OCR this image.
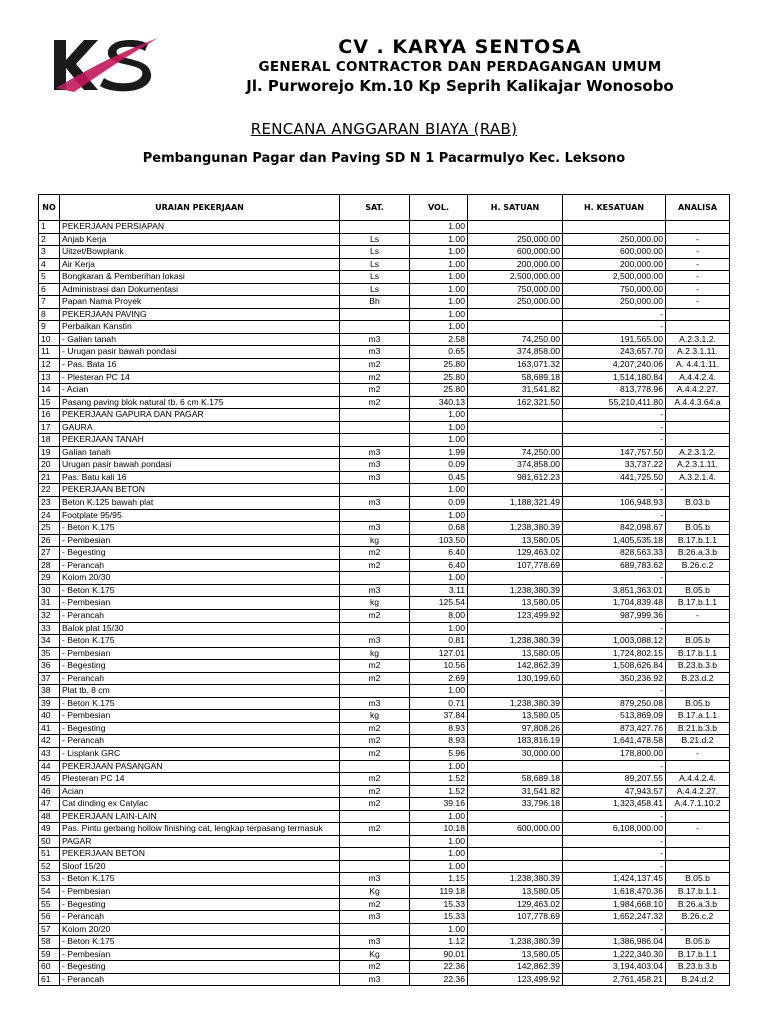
CV . KARYA SENTOSA
GENERAL CONTRACTOR DAN PERDAGANGAN UMUM
Jl. Purworejo Km.10 Kp Seprih Kalikajar Wonosobo
RENCANA ANGGARAN BIAYA (RAB)
Pembangunan Pagar dan Paving SD N 1 Pacarmulyo Kec. Leksono
NO	URAIAN PEKERJAAN	SAT.	VOL.	H. SATUAN	H. KESATUAN	ANALISA
1	PEKERJAAN PERSIAPAN		1.00			
2	Anjab Kerja	Ls	1.00	250,000.00	250,000.00	-
3	Uitzet/Bowplank	Ls	1.00	600,000.00	600,000.00	-
4	Air Kerja	Ls	1.00	200,000.00	200,000.00	-
5	Bongkaran & Pemberihan lokasi	Ls	1.00	2,500,000.00	2,500,000.00	-
6	Administrasi dan Dokumentasi	Ls	1.00	750,000.00	750,000.00	-
7	Papan Nama Proyek	Bh	1.00	250,000.00	250,000.00	-
8	PEKERJAAN PAVING		1.00		-	
9	Perbaikan Kanstin		1.00		-	
10	- Galian tanah	m3	2.58	74,250.00	191,565.00	A.2.3.1.2.
11	- Urugan pasir bawah pondasi	m3	0.65	374,858.00	243,657.70	A.2.3.1.11.
12	- Pas. Bata 16	m2	25.80	163,071.32	4,207,240.06	A. 4.4.1.11.
13	- Plesteran PC 14	m2	25.80	58,689.18	1,514,180.84	A.4.4.2.4.
14	- Acian	m2	25.80	31,541.82	813,778.96	A.4.4.2.27.
15	Pasang paving blok natural tb. 6 cm K.175	m2	340.13	162,321.50	55,210,411.80	A.4.4.3.64.a
16	PEKERJAAN GAPURA DAN PAGAR		1.00		-	
17	GAURA		1.00		-	
18	PEKERJAAN TANAH		1.00		-	
19	Galian tanah	m3	1.99	74,250.00	147,757.50	A.2.3.1.2.
20	Urugan pasir bawah pondasi	m3	0.09	374,858.00	33,737.22	A.2.3.1.11.
21	Pas. Batu kali 16	m3	0.45	981,612.23	441,725.50	A.3.2.1.4.
22	PEKERJAAN BETON		1.00		-	
23	Beton K.125 bawah plat	m3	0.09	1,188,321.49	106,948.93	B.03.b
24	Footplate 95/95		1.00		-	
25	- Beton K.175	m3	0.68	1,238,380.39	842,098.67	B.05.b
26	- Pembesian	kg	103.50	13,580.05	1,405,535.18	B.17.b.1.1
27	- Begesting	m2	6.40	129,463.02	828,563.33	B.26.a.3.b
28	- Perancah	m2	6.40	107,778.69	689,783.62	B.26.c.2
29	Kolom 20/30		1.00		-	
30	- Beton K.175	m3	3.11	1,238,380.39	3,851,363.01	B.05.b
31	- Pembesian	kg	125.54	13,580.05	1,704,839.48	B.17.b.1.1
32	- Perancah	m2	8.00	123,499.92	987,999.36	-
33	Balok plat 15/30		1.00		-	
34	- Beton K.175	m3	0.81	1,238,380.39	1,003,088.12	B.05.b
35	- Pembesian	kg	127.01	13,580.05	1,724,802.15	B.17.b.1.1
36	- Begesting	m2	10.56	142,862.39	1,508,626.84	B.23.b.3.b
37	- Perancah	m2	2.69	130,199.60	350,236.92	B.23.d.2
38	Plat tb. 8 cm		1.00		-	
39	- Beton K.175	m3	0.71	1,238,380.39	879,250.08	B.05.b
40	- Pembesian	kg	37.84	13,580.05	513,869.09	B.17.a.1.1
41	- Begesting	m2	8.93	97,808.26	873,427.76	B.21.b.3.b
42	- Perancah	m2	8.93	183,816.19	1,641,478.58	B.21.d.2
43	- Lisplank GRC	m2	5.96	30,000.00	178,800.00	-
44	PEKERJAAN PASANGAN		1.00		-	
45	Plesteran PC 14	m2	1.52	58,689.18	89,207.55	A.4.4.2.4.
46	Acian	m2	1.52	31,541.82	47,943.57	A.4.4.2.27.
47	Cat dinding ex Catylac	m2	39.16	33,796.18	1,323,458.41	A.4.7.1.10.2
48	PEKERJAAN LAIN-LAIN		1.00		-	
49	Pas. Pintu gerbang hollow finishing cat, lengkap terpasang termasuk	m2	10.18	600,000.00	6,108,000.00	-
50	PAGAR		1.00		-	
51	PEKERJAAN BETON		1.00		-	
52	Sloof 15/20		1.00		-	
53	- Beton K.175	m3	1.15	1,238,380.39	1,424,137.45	B.05.b
54	- Pembesian	Kg	119.18	13,580.05	1,618,470.36	B.17.b.1.1
55	- Begesting	m2	15.33	129,463.02	1,984,668.10	B.26.a.3.b
56	- Perancah	m3	15.33	107,778.69	1,652,247.32	B.26.c.2
57	Kolom 20/20		1.00		-	
58	- Beton K.175	m3	1.12	1,238,380.39	1,386,986.04	B.05.b
59	- Pembesian	Kg	90.01	13,580.05	1,222,340.30	B.17.b.1.1
60	- Begesting	m2	22.36	142,862.39	3,194,403.04	B.23.b.3.b
61	- Perancah	m3	22.36	123,499.92	2,761,458.21	B.24.d.2
